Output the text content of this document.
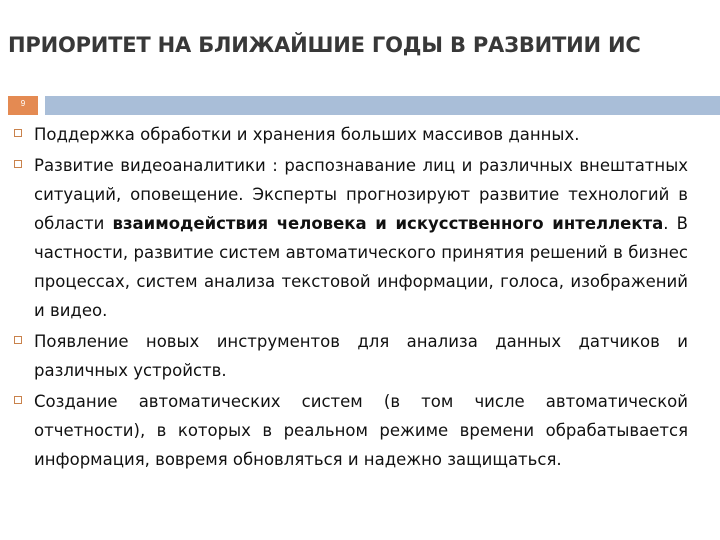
ПРИОРИТЕТ НА БЛИЖАЙШИЕ ГОДЫ В РАЗВИТИИ ИС
9
Поддержка обработки и хранения больших массивов данных.
Развитие видеоаналитики : распознавание лиц и различных внештатных ситуаций, оповещение. Эксперты прогнозируют развитие технологий в области взаимодействия человека и искусственного интеллекта. В частности, развитие систем автоматического принятия решений в бизнес процессах, систем анализа текстовой информации, голоса, изображений и видео.
Появление новых инструментов для анализа данных датчиков и различных устройств.
Создание автоматических систем (в том числе автоматической отчетности), в которых в реальном режиме времени обрабатывается информация, вовремя обновляться и надежно защищаться.
